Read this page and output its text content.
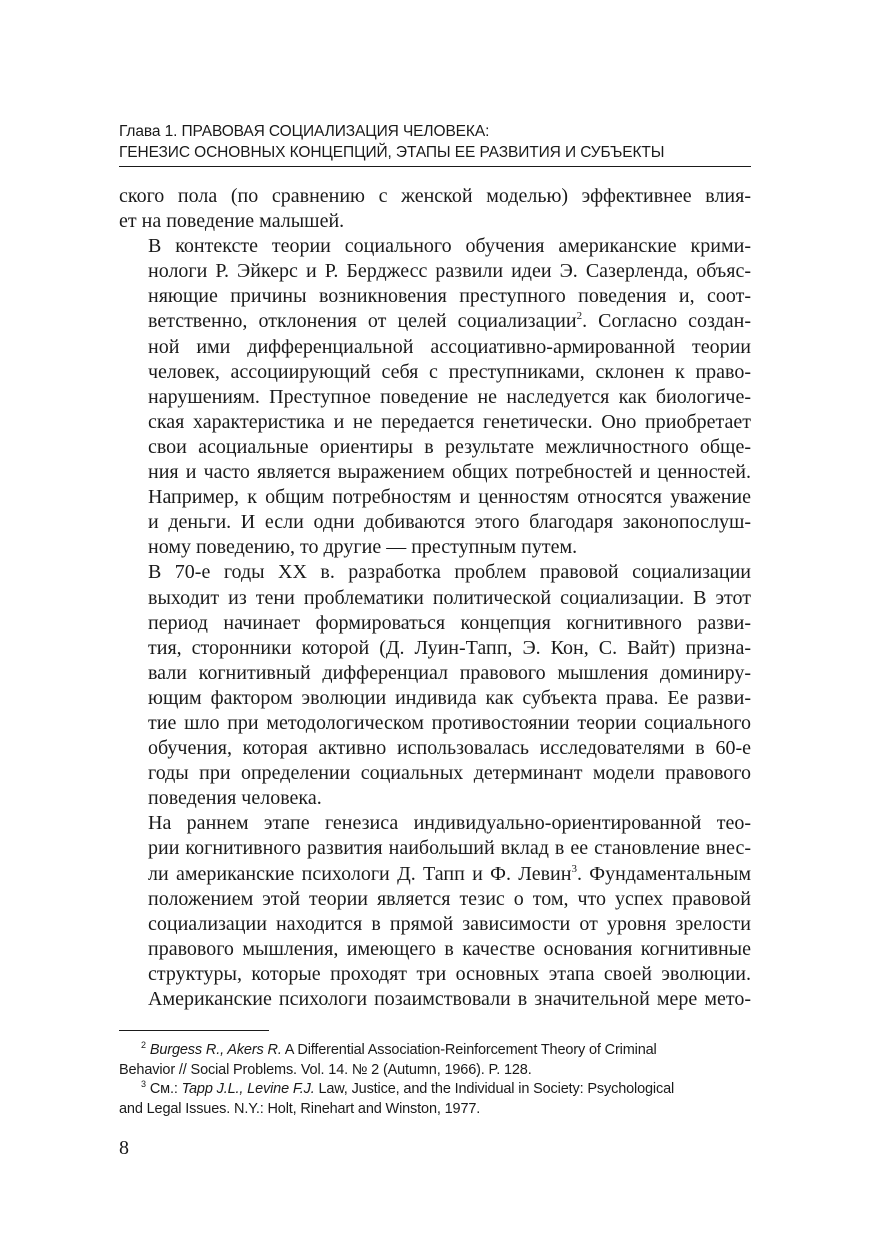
Глава 1. ПРАВОВАЯ СОЦИАЛИЗАЦИЯ ЧЕЛОВЕКА:
ГЕНЕЗИС ОСНОВНЫХ КОНЦЕПЦИЙ, ЭТАПЫ ЕЕ РАЗВИТИЯ И СУБЪЕКТЫ

ского пола (по сравнению с женской моделью) эффективнее влия-
ет на поведение малышей.

В контексте теории социального обучения американские крими-
нологи Р. Эйкерс и Р. Берджесс развили идеи Э. Сазерленда, объяс-
няющие причины возникновения преступного поведения и, соот-
ветственно, отклонения от целей социализации$^2$. Согласно создан-
ной ими дифференциальной ассоциативно-армированной теории
человек, ассоциирующий себя с преступниками, склонен к право-
нарушениям. Преступное поведение не наследуется как биологиче-
ская характеристика и не передается генетически. Оно приобретает
свои асоциальные ориентиры в результате межличностного обще-
ния и часто является выражением общих потребностей и ценностей.
Например, к общим потребностям и ценностям относятся уважение
и деньги. И если одни добиваются этого благодаря законопослуш-
ному поведению, то другие — преступным путем.

В 70-е годы XX в. разработка проблем правовой социализации
выходит из тени проблематики политической социализации. В этот
период начинает формироваться концепция когнитивного разви-
тия, сторонники которой (Д. Луин-Тапп, Э. Кон, С. Вайт) призна-
вали когнитивный дифференциал правового мышления доминиру-
ющим фактором эволюции индивида как субъекта права. Ее разви-
тие шло при методологическом противостоянии теории социального
обучения, которая активно использовалась исследователями в 60-е
годы при определении социальных детерминант модели правового
поведения человека.

На раннем этапе генезиса индивидуально-ориентированной тео-
рии когнитивного развития наибольший вклад в ее становление внес-
ли американские психологи Д. Тапп и Ф. Левин$^3$. Фундаментальным
положением этой теории является тезис о том, что успех правовой
социализации находится в прямой зависимости от уровня зрелости
правового мышления, имеющего в качестве основания когнитивные
структуры, которые проходят три основных этапа своей эволюции.
Американские психологи позаимствовали в значительной мере мето-

$^2$ Burgess R., Akers R. A Differential Association-Reinforcement Theory of Criminal
Behavior // Social Problems. Vol. 14. № 2 (Autumn, 1966). P. 128.
$^3$ См.: Tapp J.L., Levine F.J. Law, Justice, and the Individual in Society: Psychological
and Legal Issues. N.Y.: Holt, Rinehart and Winston, 1977.
8
